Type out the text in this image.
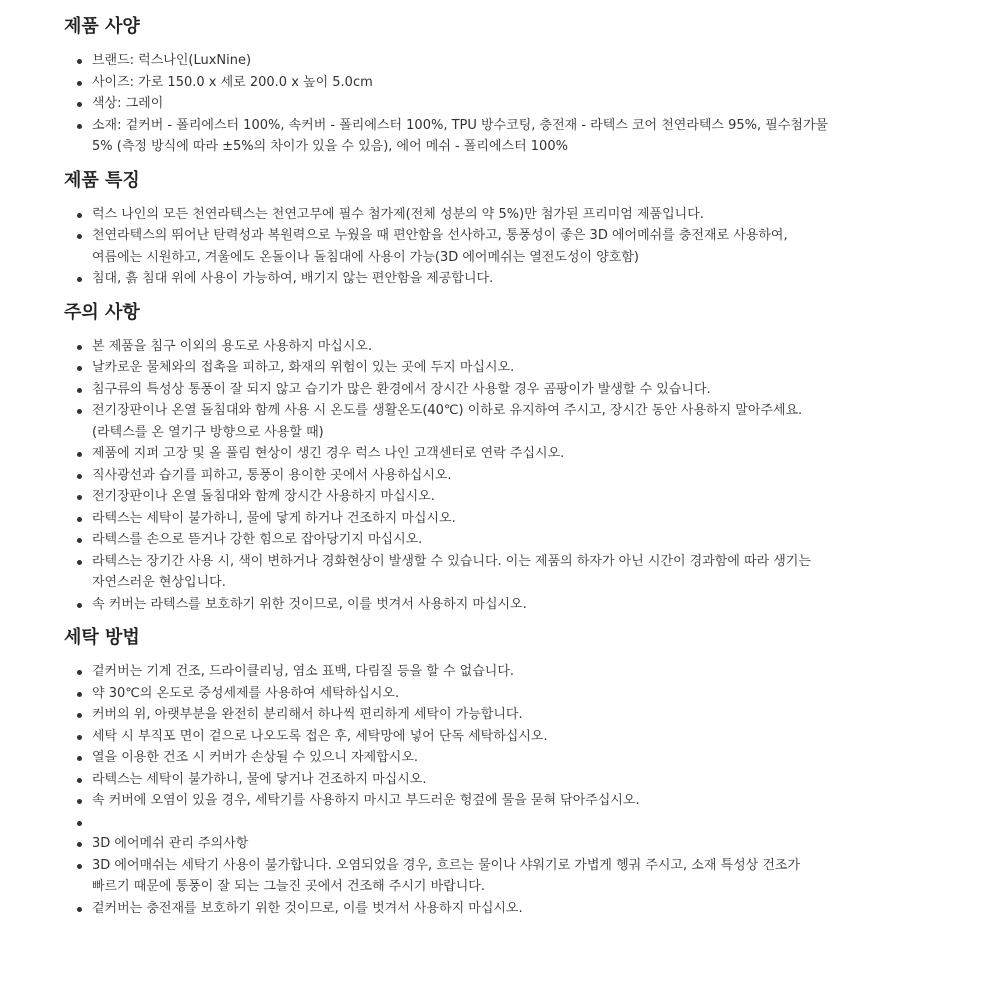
제품 사양
브랜드: 럭스나인(LuxNine)
사이즈: 가로 150.0 x 세로 200.0 x 높이 5.0cm
색상: 그레이
소재: 겉커버 - 폴리에스터 100%, 속커버 - 폴리에스터 100%, TPU 방수코팅, 충전재 - 라텍스 코어 천연라텍스 95%, 필수첨가물 5% (측정 방식에 따라 ±5%의 차이가 있을 수 있음), 에어 메쉬 - 폴리에스터 100%
제품 특징
럭스 나인의 모든 천연라텍스는 천연고무에 필수 첨가제(전체 성분의 약 5%)만 첨가된 프리미엄 제품입니다.
천연라텍스의 뛰어난 탄력성과 복원력으로 누웠을 때 편안함을 선사하고, 통풍성이 좋은 3D 에어메쉬를 충전재로 사용하여, 여름에는 시원하고, 겨울에도 온돌이나 돌침대에 사용이 가능(3D 에어메쉬는 열전도성이 양호함)
침대, 흙 침대 위에 사용이 가능하여, 배기지 않는 편안함을 제공합니다.
주의 사항
본 제품을 침구 이외의 용도로 사용하지 마십시오.
날카로운 물체와의 접촉을 피하고, 화재의 위험이 있는 곳에 두지 마십시오.
침구류의 특성상 통풍이 잘 되지 않고 습기가 많은 환경에서 장시간 사용할 경우 곰팡이가 발생할 수 있습니다.
전기장판이나 온열 돌침대와 함께 사용 시 온도를 생활온도(40℃) 이하로 유지하여 주시고, 장시간 동안 사용하지 말아주세요.(라텍스를 온 열기구 방향으로 사용할 때)
제품에 지퍼 고장 및 올 풀림 현상이 생긴 경우 럭스 나인 고객센터로 연락 주십시오.
직사광선과 습기를 피하고, 통풍이 용이한 곳에서 사용하십시오.
전기장판이나 온열 돌침대와 함께 장시간 사용하지 마십시오.
라텍스는 세탁이 불가하니, 물에 닿게 하거나 건조하지 마십시오.
라텍스를 손으로 뜯거나 강한 힘으로 잡아당기지 마십시오.
라텍스는 장기간 사용 시, 색이 변하거나 경화현상이 발생할 수 있습니다. 이는 제품의 하자가 아닌 시간이 경과함에 따라 생기는 자연스러운 현상입니다.
속 커버는 라텍스를 보호하기 위한 것이므로, 이를 벗겨서 사용하지 마십시오.
세탁 방법
겉커버는 기계 건조, 드라이클리닝, 염소 표백, 다림질 등을 할 수 없습니다.
약 30℃의 온도로 중성세제를 사용하여 세탁하십시오.
커버의 위, 아랫부분을 완전히 분리해서 하나씩 편리하게 세탁이 가능합니다.
세탁 시 부직포 면이 겉으로 나오도록 접은 후, 세탁망에 넣어 단독 세탁하십시오.
열을 이용한 건조 시 커버가 손상될 수 있으니 자제합시오.
라텍스는 세탁이 불가하니, 물에 닿거나 건조하지 마십시오.
속 커버에 오염이 있을 경우, 세탁기를 사용하지 마시고 부드러운 헝겊에 물을 묻혀 닦아주십시오.
3D 에어메쉬 관리 주의사항
3D 에어매쉬는 세탁기 사용이 불가합니다. 오염되었을 경우, 흐르는 물이나 샤워기로 가볍게 헹궈 주시고, 소재 특성상 건조가 빠르기 때문에 통풍이 잘 되는 그늘진 곳에서 건조해 주시기 바랍니다.
겉커버는 충전재를 보호하기 위한 것이므로, 이를 벗겨서 사용하지 마십시오.
